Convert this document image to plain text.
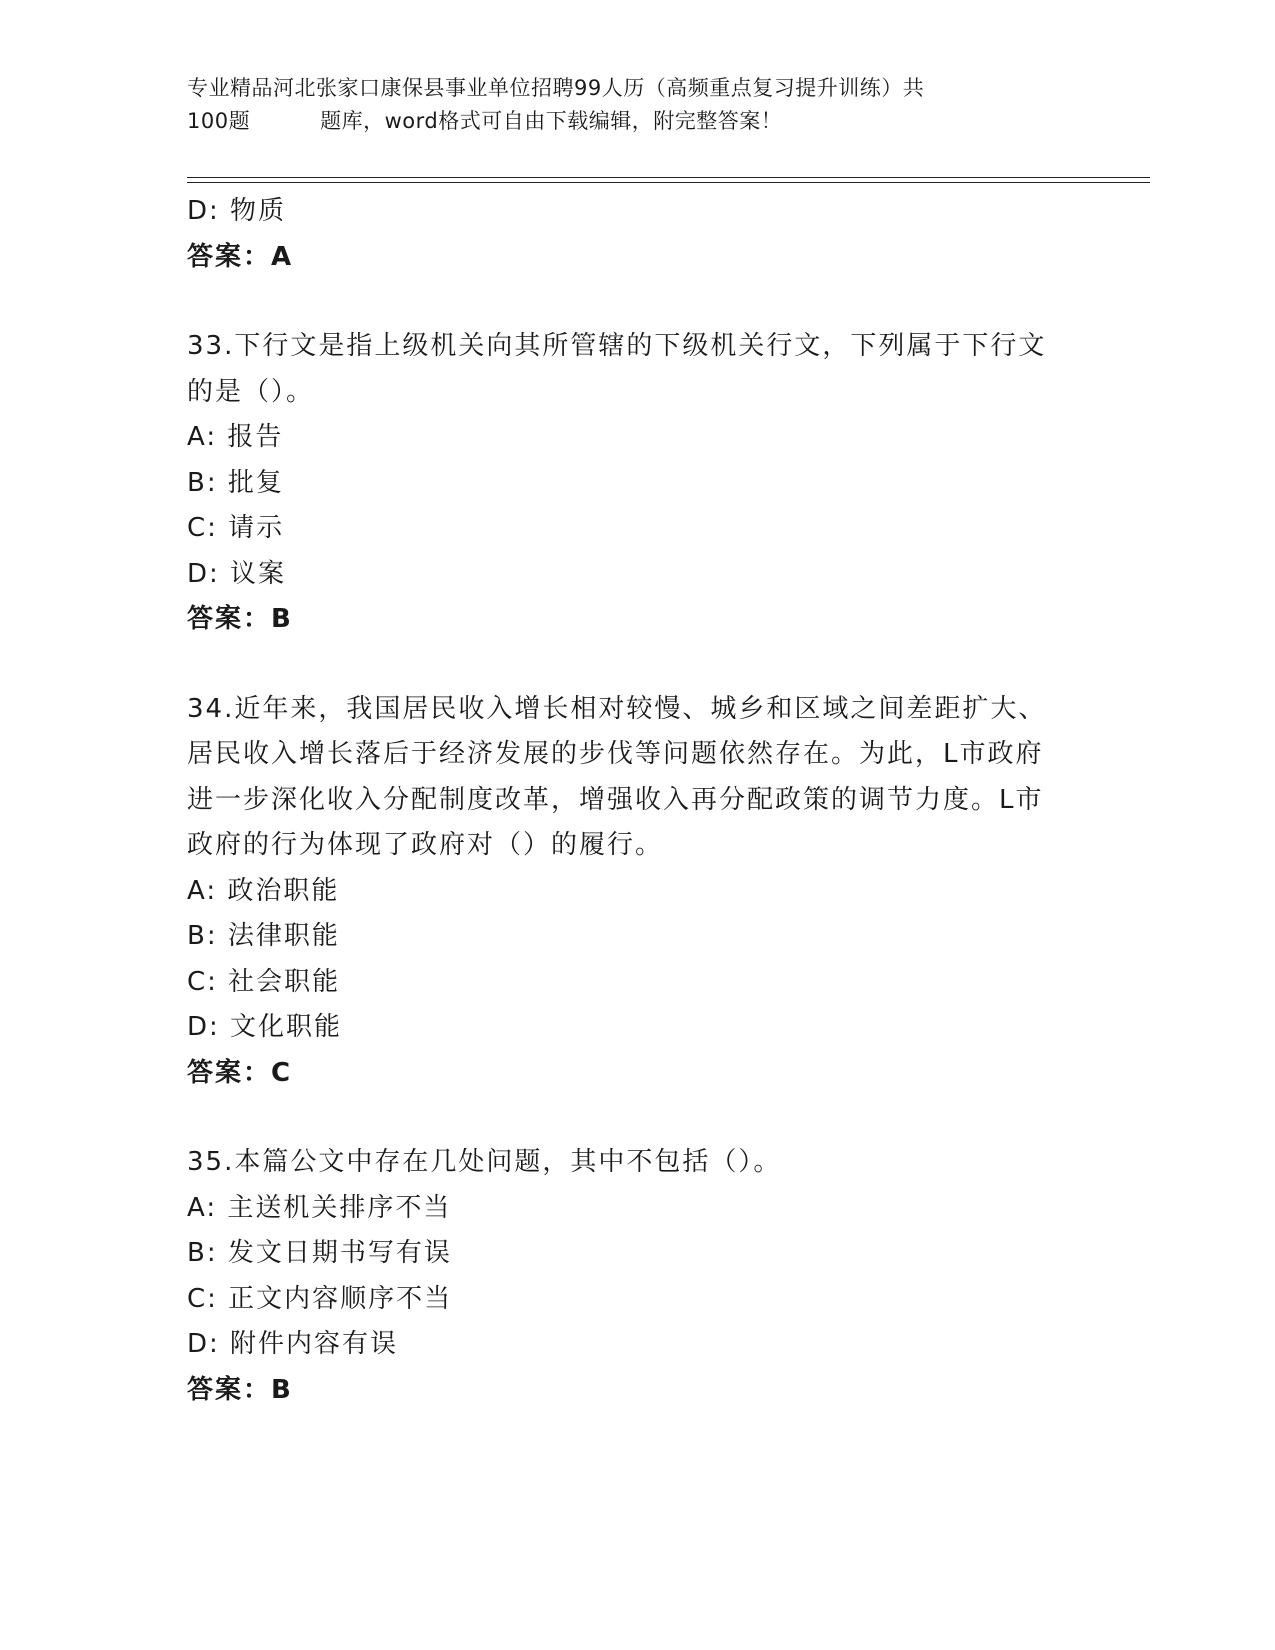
专业精品河北张家口康保县事业单位招聘99人历（高频重点复习提升训练）共
100题	题库，word格式可自由下载编辑，附完整答案！
D: 物质
答案：A
33.下行文是指上级机关向其所管辖的下级机关行文，下列属于下行文
的是（）。
A: 报告
B: 批复
C: 请示
D: 议案
答案：B
34.近年来，我国居民收入增长相对较慢、城乡和区域之间差距扩大、
居民收入增长落后于经济发展的步伐等问题依然存在。为此，L市政府
进一步深化收入分配制度改革，增强收入再分配政策的调节力度。L市
政府的行为体现了政府对（）的履行。
A: 政治职能
B: 法律职能
C: 社会职能
D: 文化职能
答案：C
35.本篇公文中存在几处问题，其中不包括（）。
A: 主送机关排序不当
B: 发文日期书写有误
C: 正文内容顺序不当
D: 附件内容有误
答案：B
